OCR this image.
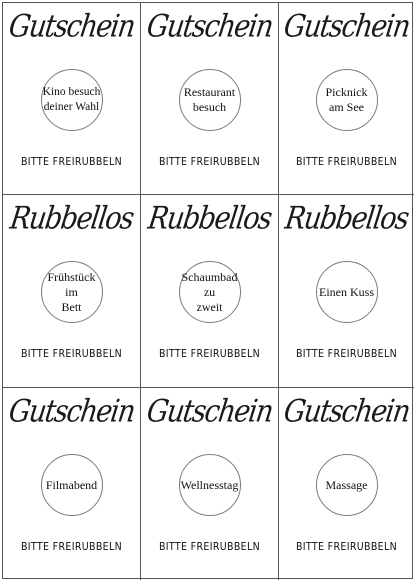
Gutschein
Kino besuch
deiner Wahl
BITTE FREIRUBBELN
Gutschein
Restaurant
besuch
BITTE FREIRUBBELN
Gutschein
Picknick
am See
BITTE FREIRUBBELN
Rubbellos
Frühstück
im
Bett
BITTE FREIRUBBELN
Rubbellos
Schaumbad
zu
zweit
BITTE FREIRUBBELN
Rubbellos
Einen Kuss
BITTE FREIRUBBELN
Gutschein
Filmabend
BITTE FREIRUBBELN
Gutschein
Wellnesstag
BITTE FREIRUBBELN
Gutschein
Massage
BITTE FREIRUBBELN
